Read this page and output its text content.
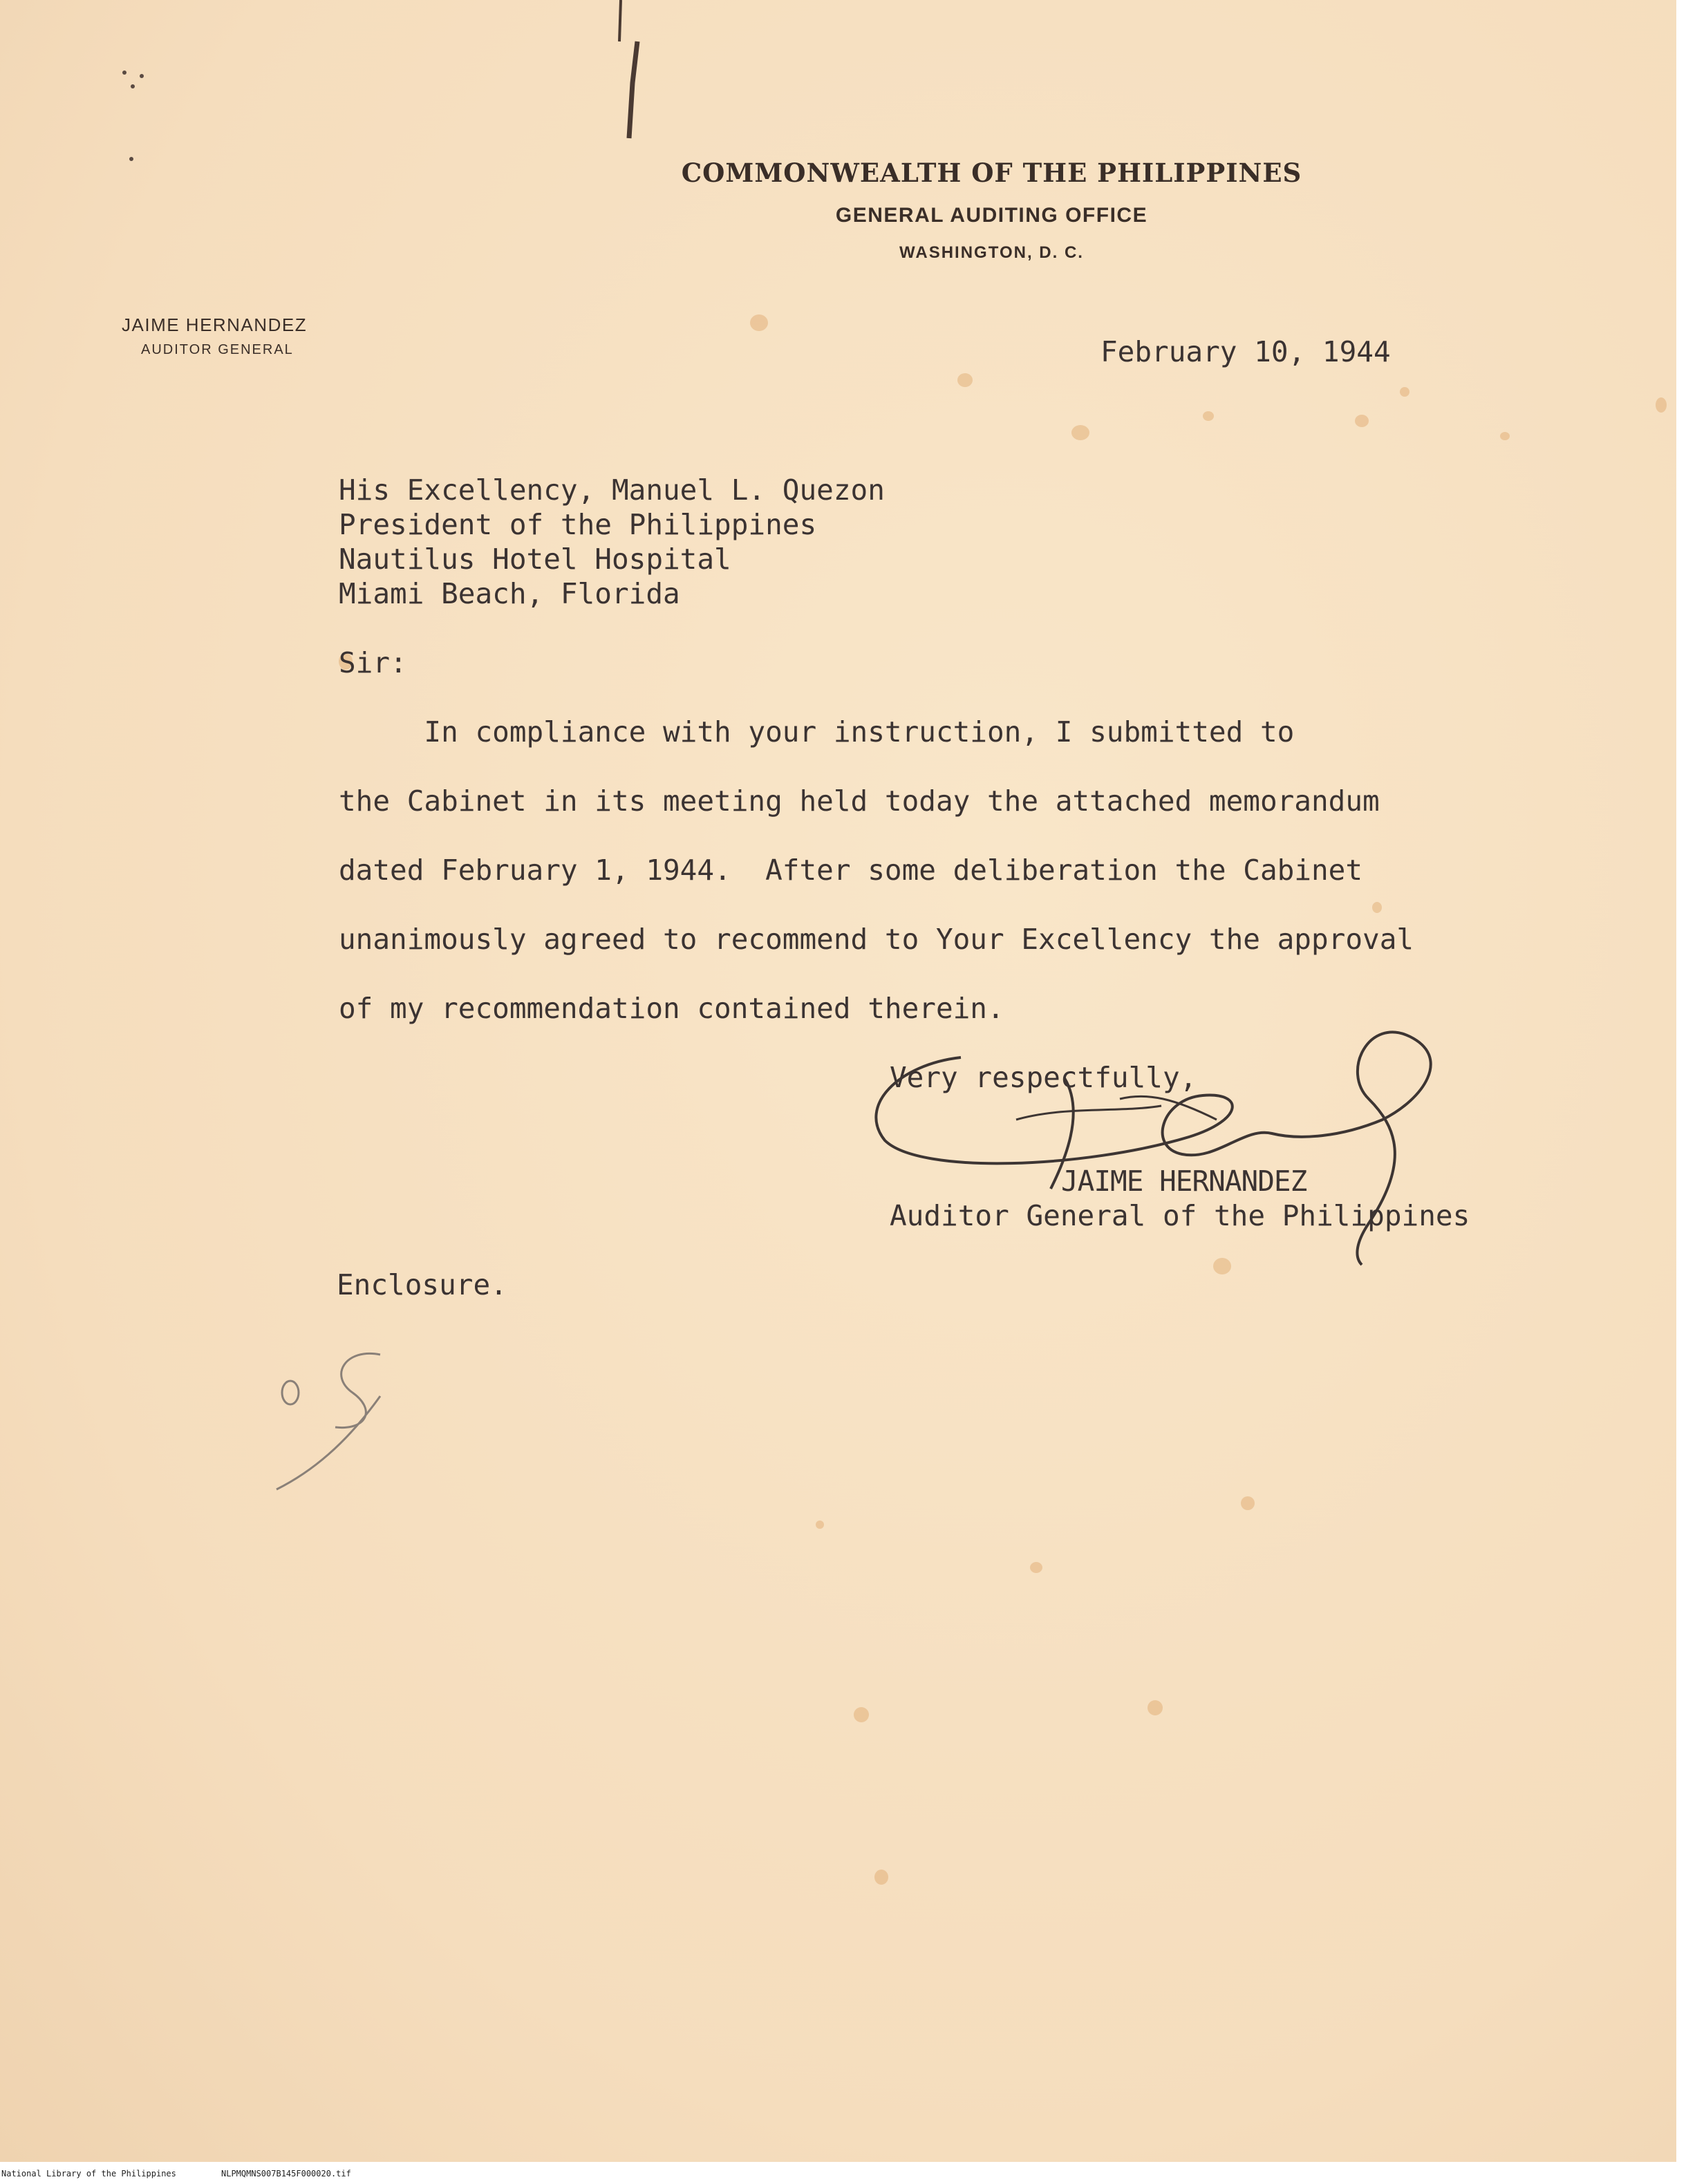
COMMONWEALTH OF THE PHILIPPINES
GENERAL AUDITING OFFICE
WASHINGTON, D. C.
JAIME HERNANDEZ
AUDITOR GENERAL	February 10, 1944
His Excellency, Manuel L. Quezon
President of the Philippines
Nautilus Hotel Hospital
Miami Beach, Florida
Sir:
In compliance with your instruction, I submitted to
the Cabinet in its meeting held today the attached memorandum
dated February 1, 1944.  After some deliberation the Cabinet
unanimously agreed to recommend to Your Excellency the approval
of my recommendation contained therein.
Very respectfully,
JAIME HERNANDEZ
Auditor General of the Philippines
Enclosure.
National Library of the Philippines	NLPMQMNS007B145F000020.tif
